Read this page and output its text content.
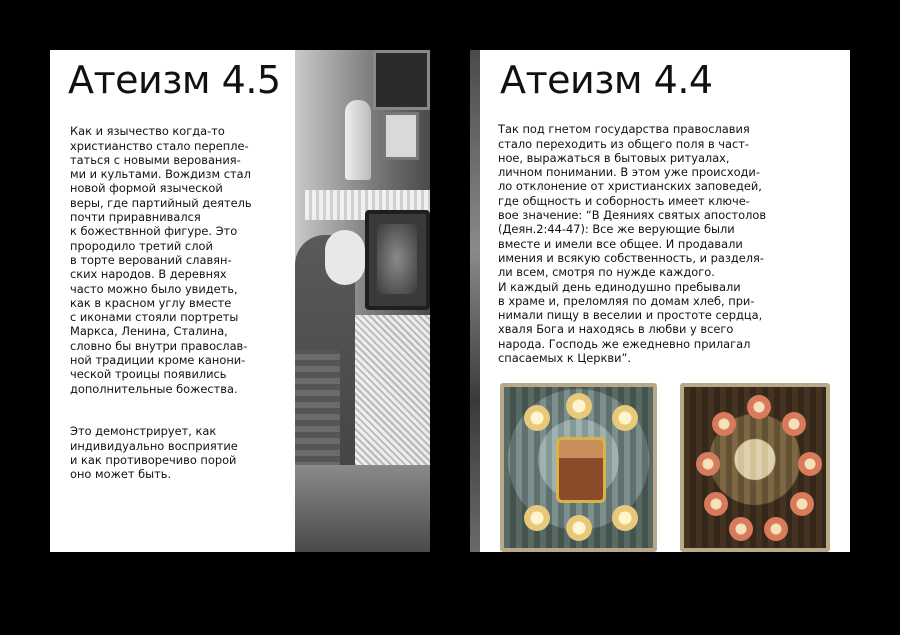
Атеизм 4.5

Как и язычество когда-то
христианство стало перепле-
таться с новыми верования-
ми и культами. Вождизм стал
новой формой языческой
веры, где партийный деятель
почти приравнивался
к божествнной фигуре. Это
прородило третий слой
в торте верований славян-
ских народов. В деревнях
часто можно было увидеть,
как в красном углу вместе
с иконами стояли портреты
Маркса, Ленина, Сталина,
словно бы внутри православ-
ной традиции кроме канони-
ческой троицы появились
дополнительные божества.

Это демонстрирует, как
индивидуально восприятие
и как противоречиво порой
оно может быть.

Атеизм 4.4

Так под гнетом государства православия
стало переходить из общего поля в част-
ное, выражаться в бытовых ритуалах,
личном понимании. В этом уже происходи-
ло отклонение от христианских заповедей,
где общность и соборность имеет ключе-
вое значение: “В Деяниях святых апостолов
(Деян.2:44-47): Все же верующие были
вместе и имели все общее. И продавали
имения и всякую собственность, и разделя-
ли всем, смотря по нужде каждого.
И каждый день единодушно пребывали
в храме и, преломляя по домам хлеб, при-
нимали пищу в веселии и простоте сердца,
хваля Бога и находясь в любви у всего
народа. Господь же ежедневно прилагал
спасаемых к Церкви”.
